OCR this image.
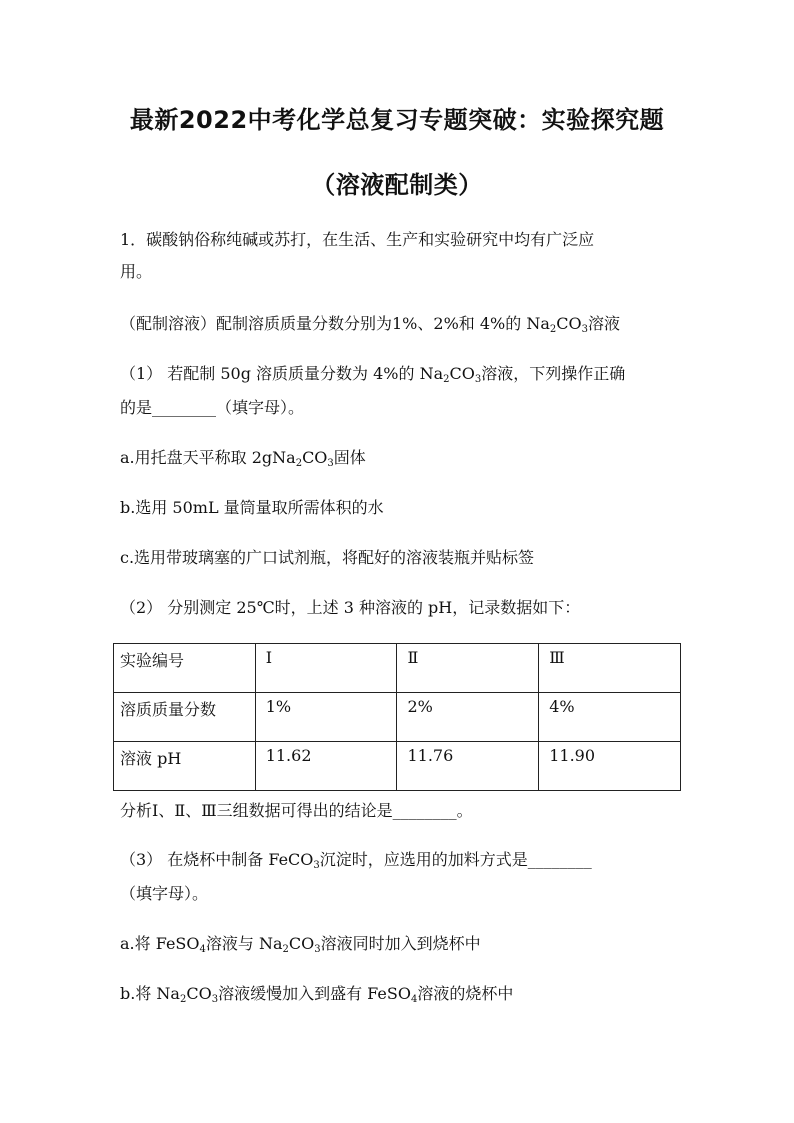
最新2022中考化学总复习专题突破：实验探究题
（溶液配制类）
1．碳酸钠俗称纯碱或苏打，在生活、生产和实验研究中均有广泛应
用。
（配制溶液）配制溶质质量分数分别为1%、2%和 4%的 $Na_2CO_3$溶液
（1） 若配制 50g 溶质质量分数为 4%的 $Na_2CO_3$溶液，下列操作正确
的是________（填字母）。
a.用托盘天平称取 $2gNa_2CO_3$固体
b.选用 50mL 量筒量取所需体积的水
c.选用带玻璃塞的广口试剂瓶，将配好的溶液装瓶并贴标签
（2） 分别测定 25℃时，上述 3 种溶液的 pH，记录数据如下：
实验编号	Ⅰ	Ⅱ	Ⅲ
溶质质量分数	1%	2%	4%
溶液 pH	11.62	11.76	11.90
分析Ⅰ、Ⅱ、Ⅲ三组数据可得出的结论是________。
（3） 在烧杯中制备 FeCO$_3$沉淀时，应选用的加料方式是________
（填字母）。
a.将 FeSO$_4$溶液与 $Na_2CO_3$溶液同时加入到烧杯中
b.将 $Na_2CO_3$溶液缓慢加入到盛有 FeSO$_4$溶液的烧杯中
